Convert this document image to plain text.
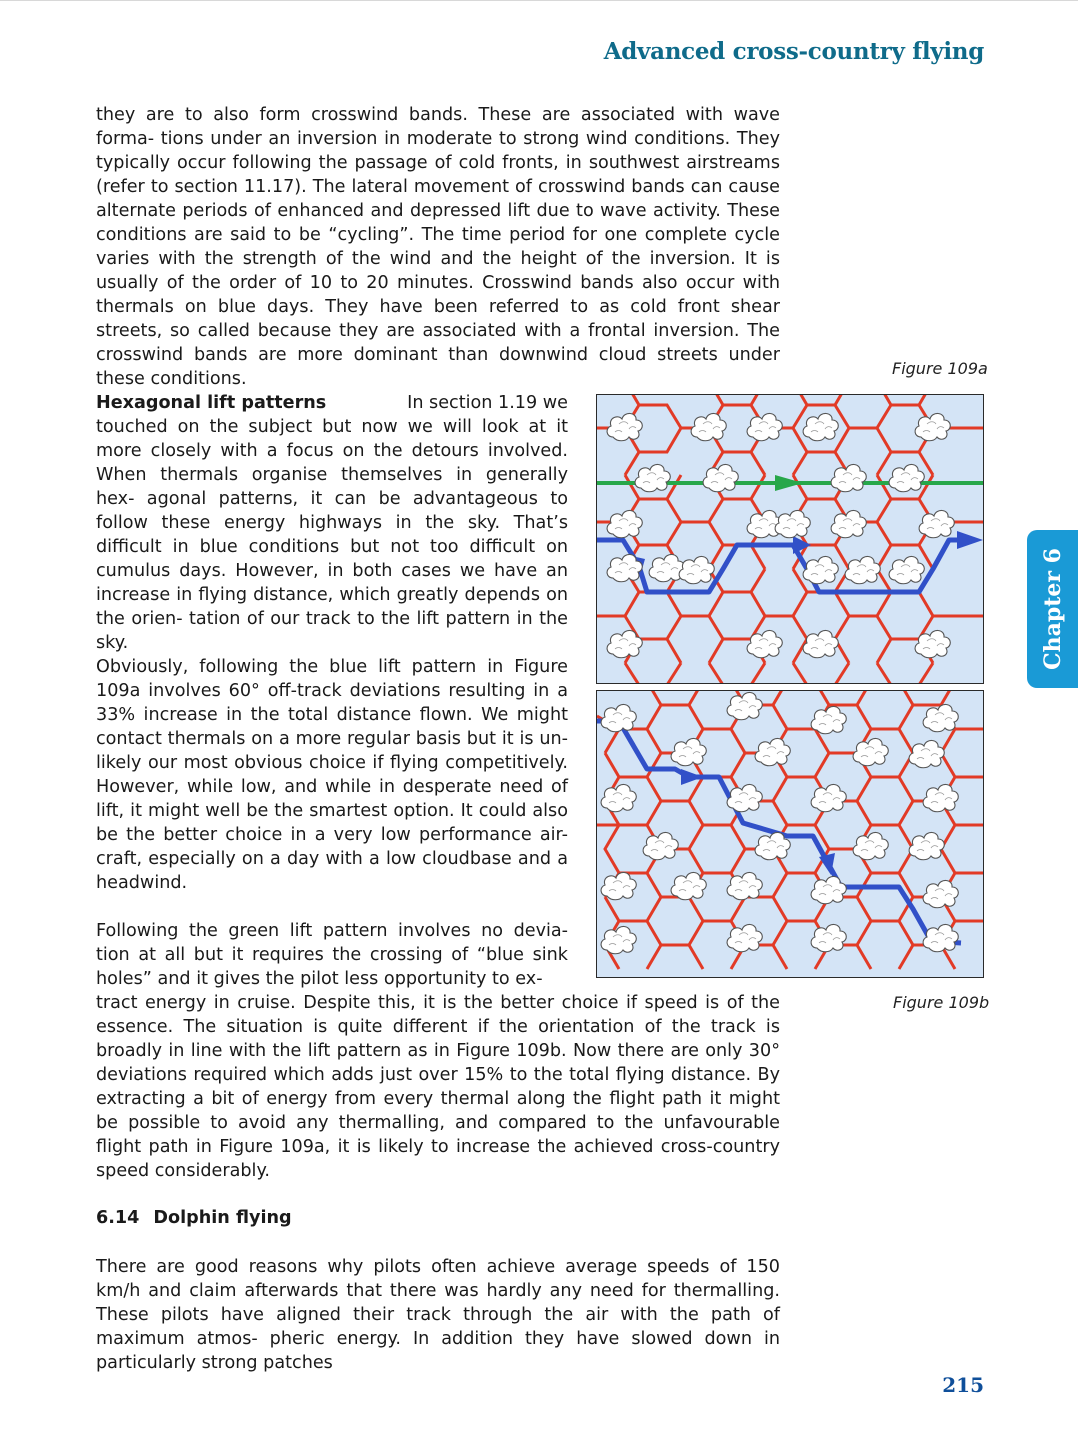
Advanced cross-country flying
they are to also form crosswind bands. These are associated with wave forma- tions under an inversion in moderate to strong wind conditions. They typically occur following the passage of cold fronts, in southwest airstreams (refer to section 11.17). The lateral movement of crosswind bands can cause alternate periods of enhanced and depressed lift due to wave activity. These conditions are said to be “cycling”. The time period for one complete cycle varies with the strength of the wind and the height of the inversion. It is usually of the order of 10 to 20 minutes. Crosswind bands also occur with thermals on blue days. They have been referred to as cold front shear streets, so called because they are associated with a frontal inversion. The crosswind bands are more dominant than downwind cloud streets under these conditions.
Figure 109a
Hexagonal lift patterns	In section 1.19 we
touched on the subject but now we will look at it more closely with a focus on the detours involved. When thermals organise themselves in generally hex- agonal patterns, it can be advantageous to follow these energy highways in the sky. That’s difficult in blue conditions but not too difficult on cumulus days. However, in both cases we have an increase in flying distance, which greatly depends on the orien- tation of our track to the lift pattern in the sky.
Obviously, following the blue lift pattern in Figure 109a involves 60° off-track deviations resulting in a 33% increase in the total distance flown. We might contact thermals on a more regular basis but it is un- likely our most obvious choice if flying competitively. However, while low, and while in desperate need of lift, it might well be the smartest option. It could also be the better choice in a very low performance air- craft, especially on a day with a low cloudbase and a headwind.
Following the green lift pattern involves no devia- tion at all but it requires the crossing of “blue sink holes” and it gives the pilot less opportunity to ex-
tract energy in cruise. Despite this, it is the better choice if speed is of the essence. The situation is quite different if the orientation of the track is broadly in line with the lift pattern as in Figure 109b. Now there are only 30° deviations required which adds just over 15% to the total flying distance. By extracting a bit of energy from every thermal along the flight path it might be possible to avoid any thermalling, and compared to the unfavourable flight path in Figure 109a, it is likely to increase the achieved cross-country speed considerably.
Figure 109b
6.14 Dolphin flying
There are good reasons why pilots often achieve average speeds of 150 km/h and claim afterwards that there was hardly any need for thermalling. These pilots have aligned their track through the air with the path of maximum atmos- pheric energy. In addition they have slowed down in particularly strong patches
215
Chapter 6
